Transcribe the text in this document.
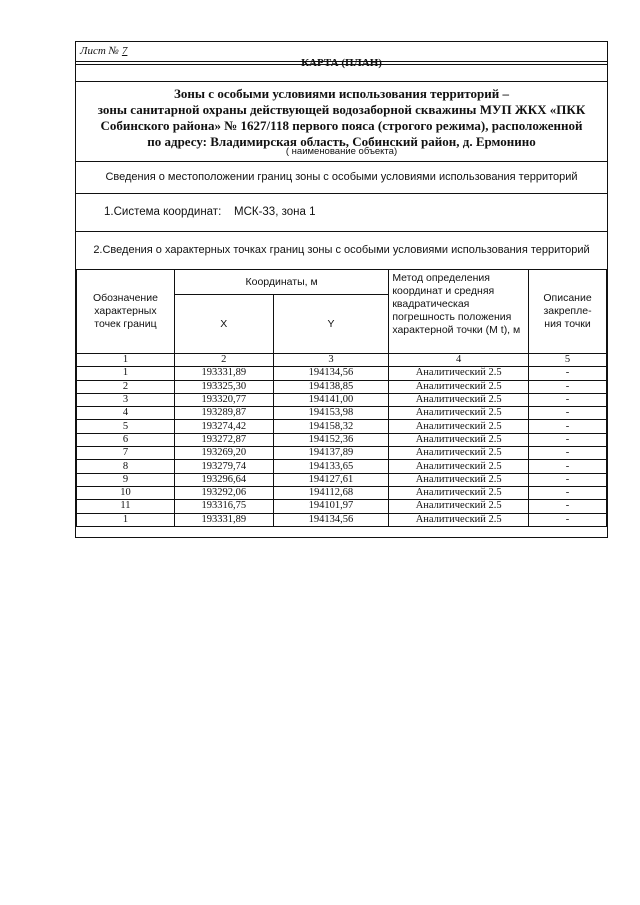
Лист № 7
КАРТА (ПЛАН)
Зоны с особыми условиями использования территорий –
зоны санитарной охраны действующей водозаборной скважины МУП ЖКХ «ПКК
Собинского района» № 1627/118 первого пояса (строгого режима), расположенной
по адресу: Владимирская область, Собинский район, д. Ермонино
( наименование объекта)
Сведения о местоположении границ зоны с особыми условиями использования территорий
1.Система координат: МСК-33, зона 1
2.Сведения о характерных точках границ зоны с особыми условиями использования территорий
Обозначение характерных точек границ	Координаты, м		Метод определения координат и средняя квадратическая погрешность положения характерной точки (М t), м	Описание закрепле-ния точки
	X	Y		
1	2	3	4	5
1	193331,89	194134,56	Аналитический 2.5	-
2	193325,30	194138,85	Аналитический 2.5	-
3	193320,77	194141,00	Аналитический 2.5	-
4	193289,87	194153,98	Аналитический 2.5	-
5	193274,42	194158,32	Аналитический 2.5	-
6	193272,87	194152,36	Аналитический 2.5	-
7	193269,20	194137,89	Аналитический 2.5	-
8	193279,74	194133,65	Аналитический 2.5	-
9	193296,64	194127,61	Аналитический 2.5	-
10	193292,06	194112,68	Аналитический 2.5	-
11	193316,75	194101,97	Аналитический 2.5	-
1	193331,89	194134,56	Аналитический 2.5	-
